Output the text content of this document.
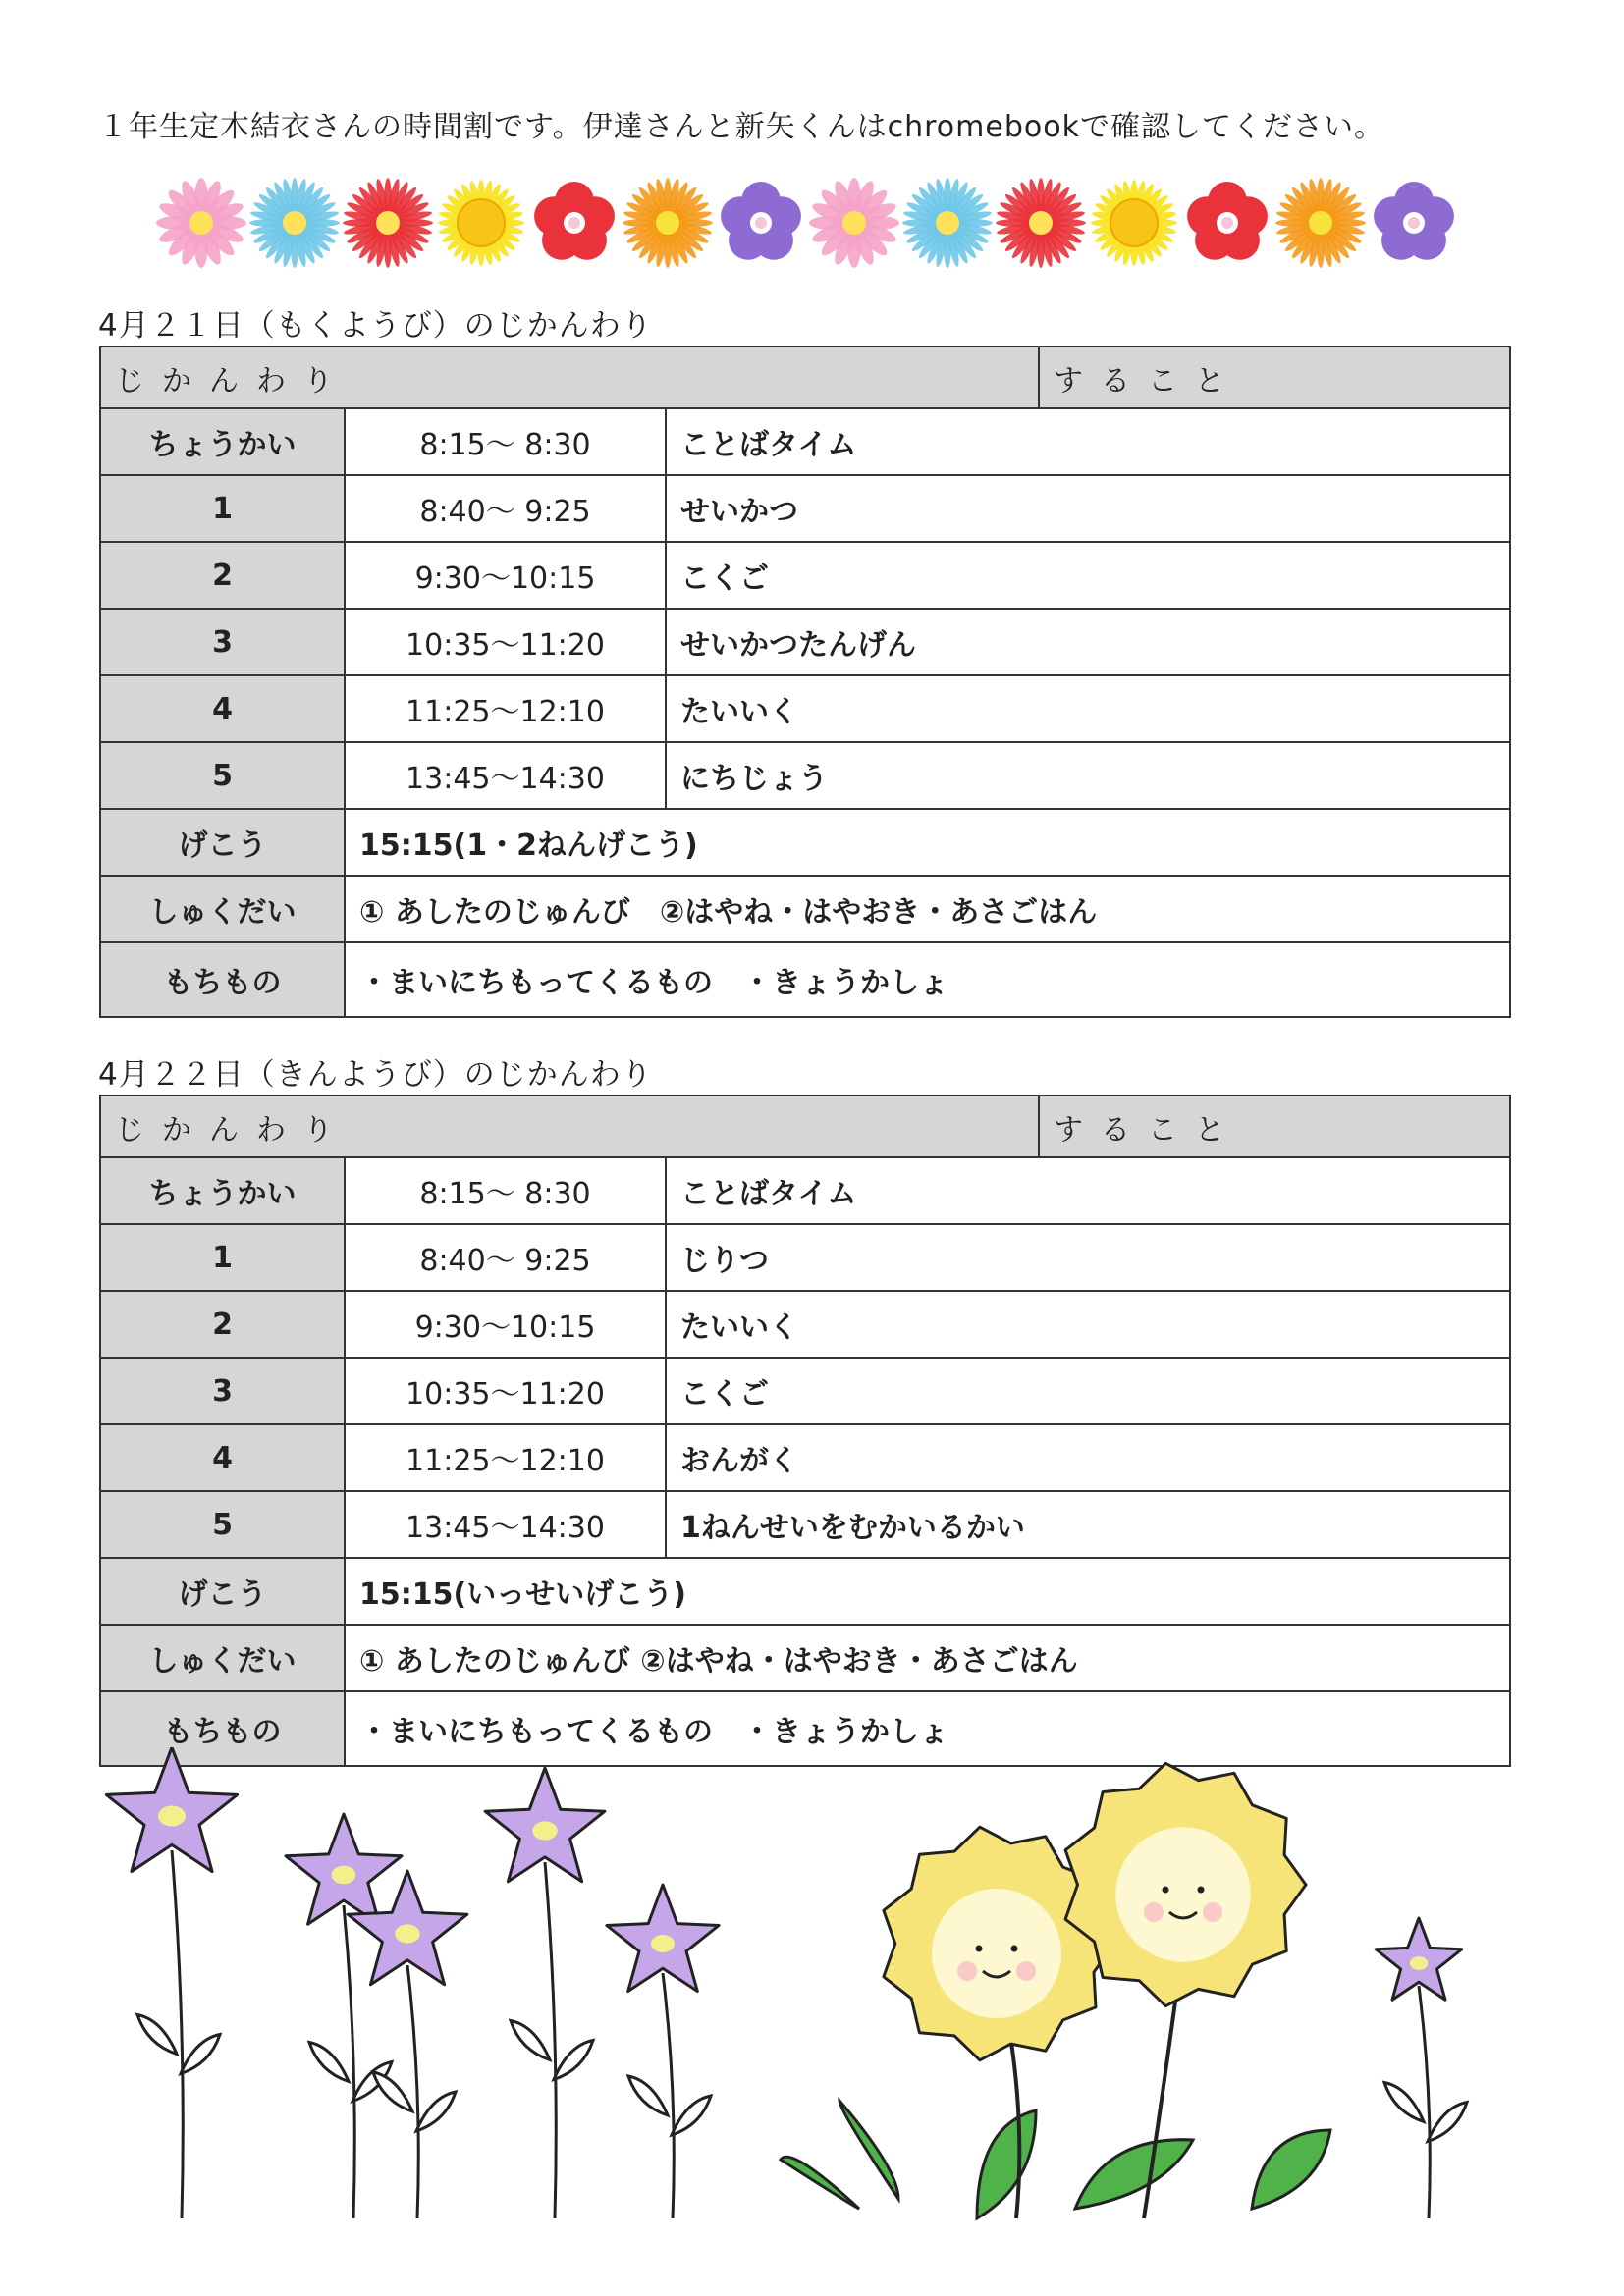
１年生定木結衣さんの時間割です。伊達さんと新矢くんはchromebookで確認してください。
4月２１日（もくようび）のじかんわり
じかんわり			すること
ちょうかい	8:15～ 8:30	ことばタイム	
1	8:40～ 9:25	せいかつ	
2	9:30～10:15	こくご	
3	10:35～11:20	せいかつたんげん	
4	11:25～12:10	たいいく	
5	13:45～14:30	にちじょう	
げこう	15:15(1・2ねんげこう)		
しゅくだい	① あしたのじゅんび　②はやね・はやおき・あさごはん		
もちもの	・まいにちもってくるもの　・きょうかしょ		
4月２２日（きんようび）のじかんわり
じかんわり			すること
ちょうかい	8:15～ 8:30	ことばタイム	
1	8:40～ 9:25	じりつ	
2	9:30～10:15	たいいく	
3	10:35～11:20	こくご	
4	11:25～12:10	おんがく	
5	13:45～14:30	1ねんせいをむかいるかい	
げこう	15:15(いっせいげこう)		
しゅくだい	① あしたのじゅんび ②はやね・はやおき・あさごはん		
もちもの	・まいにちもってくるもの　・きょうかしょ		
